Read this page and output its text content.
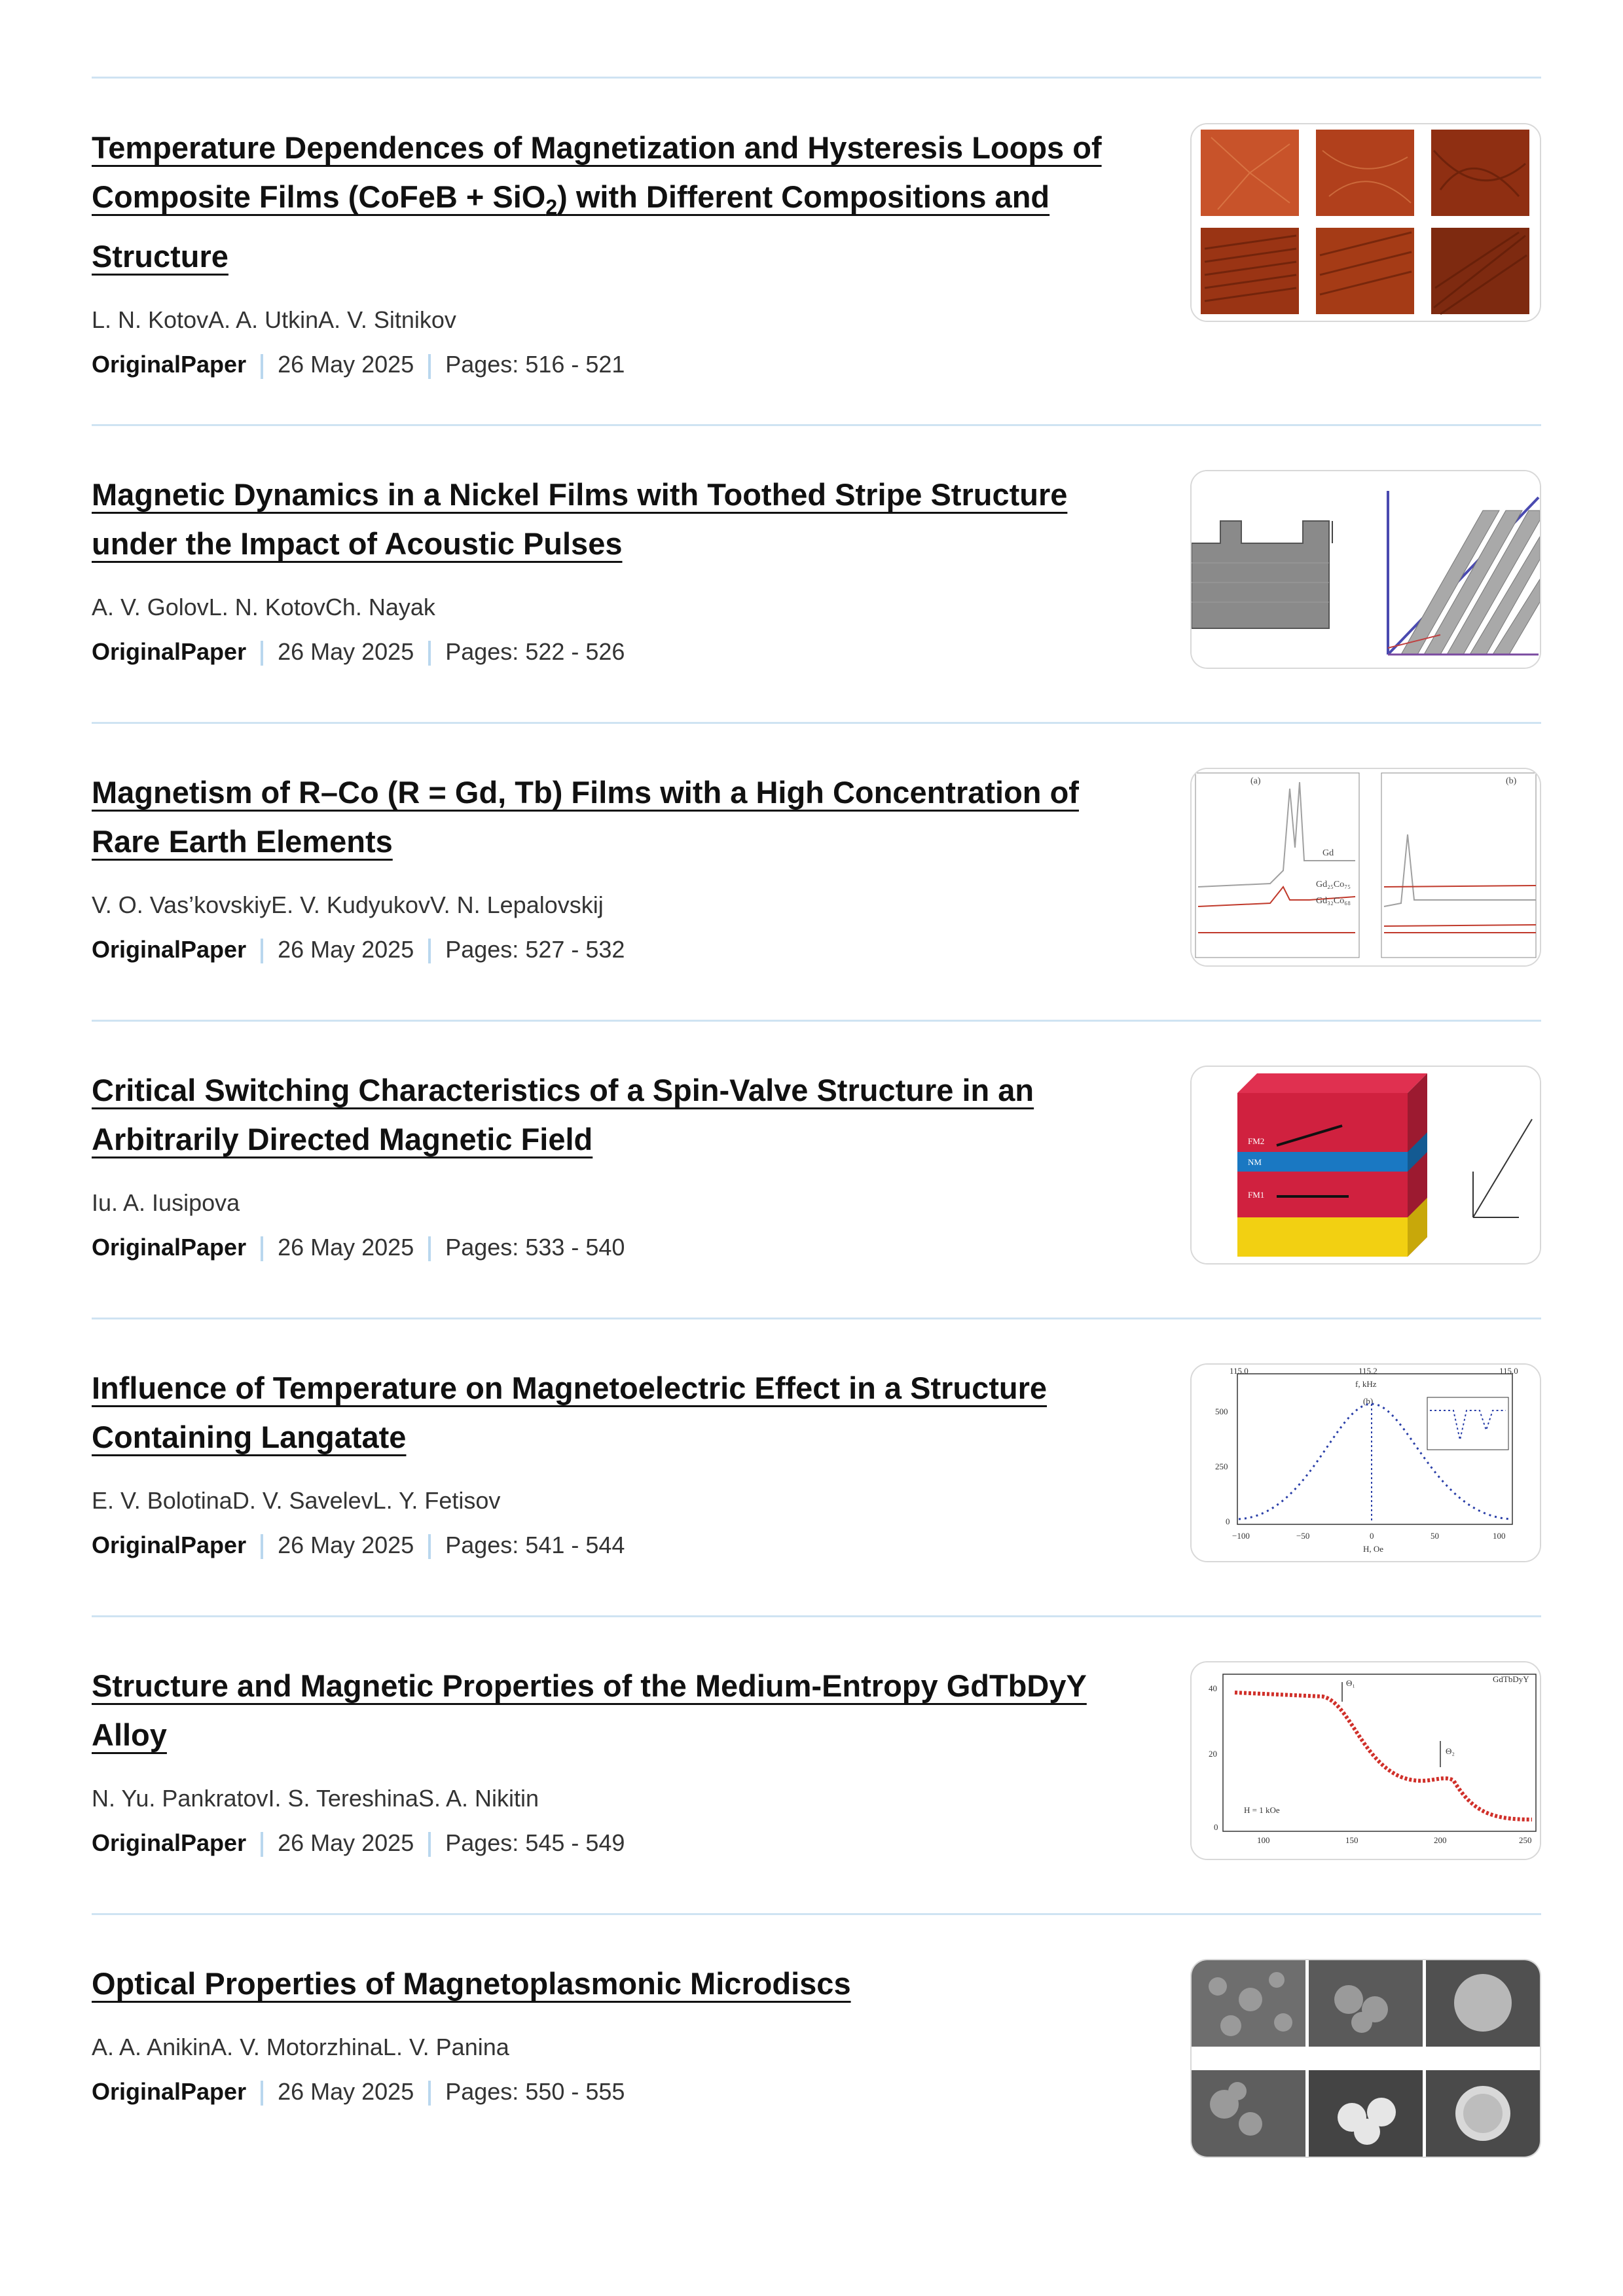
Temperature Dependences of Magnetization and Hysteresis Loops of Composite Films (CoFeB + SiO$_2$) with Different Compositions and Structure
L. N. KotovA. A. UtkinA. V. Sitnikov
OriginalPaper 26 May 2025 Pages: 516 - 521
Magnetic Dynamics in a Nickel Films with Toothed Stripe Structure under the Impact of Acoustic Pulses
A. V. GolovL. N. KotovCh. Nayak
OriginalPaper 26 May 2025 Pages: 522 - 526
Magnetism of R–Co (R = Gd, Tb) Films with a High Concentration of Rare Earth Elements
V. O. Vas’kovskiyE. V. KudyukovV. N. Lepalovskij
OriginalPaper 26 May 2025 Pages: 527 - 532
(a)	(b)
Gd
Gd₂₅Co₇₅
Gd₃₂Co₆₈
Critical Switching Characteristics of a Spin-Valve Structure in an Arbitrarily Directed Magnetic Field
Iu. A. Iusipova
OriginalPaper 26 May 2025 Pages: 533 - 540
FM2
NM
FM1
Influence of Temperature on Magnetoelectric Effect in a Structure Containing Langatate
E. V. BolotinaD. V. SavelevL. Y. Fetisov
OriginalPaper 26 May 2025 Pages: 541 - 544
115.0	115.2	115.0
f, kHz
(b)
500
250
0
−100	−50	0	50	100
H, Oe
Structure and Magnetic Properties of the Medium-Entropy GdTbDyY Alloy
N. Yu. PankratovI. S. TereshinaS. A. Nikitin
OriginalPaper 26 May 2025 Pages: 545 - 549
40
20
0
100	150	200	250
GdTbDyY
H = 1 kOe
Θ₁
Θ₂
Optical Properties of Magnetoplasmonic Microdiscs
A. A. AnikinA. V. MotorzhinaL. V. Panina
OriginalPaper 26 May 2025 Pages: 550 - 555
